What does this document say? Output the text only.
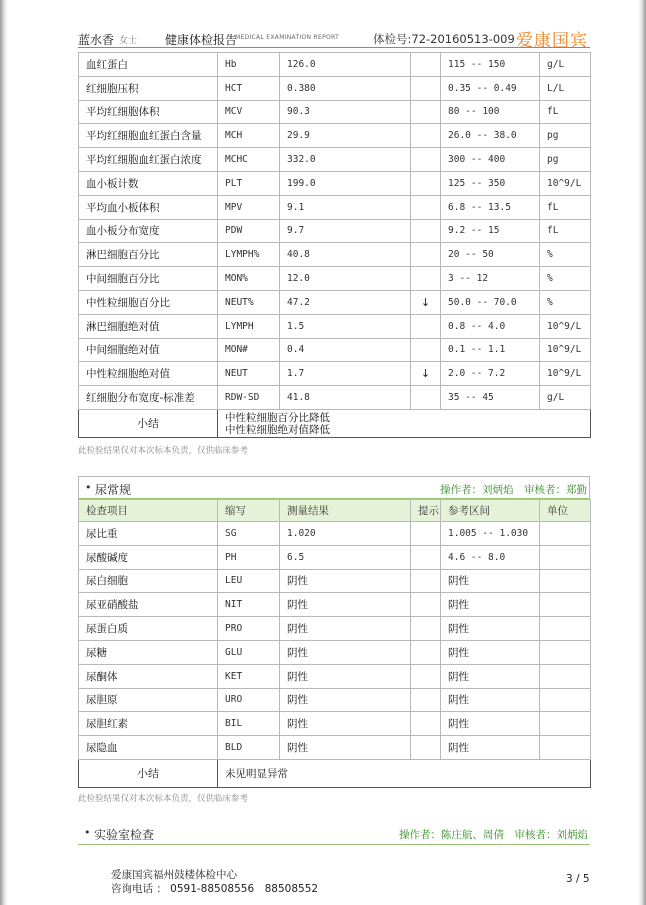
蓝水香 女士 健康体检报告
MEDICAL EXAMINATION REPORT	体检号:72-20160513-009 爱康国宾
血红蛋白	Hb	126.0		115 -- 150	g/L
红细胞压积	HCT	0.380		0.35 -- 0.49	L/L
平均红细胞体积	MCV	90.3		80 -- 100	fL
平均红细胞血红蛋白含量	MCH	29.9		26.0 -- 38.0	pg
平均红细胞血红蛋白浓度	MCHC	332.0		300 -- 400	pg
血小板计数	PLT	199.0		125 -- 350	10^9/L
平均血小板体积	MPV	9.1		6.8 -- 13.5	fL
血小板分布宽度	PDW	9.7		9.2 -- 15	fL
淋巴细胞百分比	LYMPH%	40.8		20 -- 50	%
中间细胞百分比	MON%	12.0		3 -- 12	%
中性粒细胞百分比	NEUT%	47.2	↓	50.0 -- 70.0	%
淋巴细胞绝对值	LYMPH	1.5		0.8 -- 4.0	10^9/L
中间细胞绝对值	MON#	0.4		0.1 -- 1.1	10^9/L
中性粒细胞绝对值	NEUT	1.7	↓	2.0 -- 7.2	10^9/L
红细胞分布宽度-标准差	RDW-SD	41.8		35 -- 45	g/L
小结	中性粒细胞百分比降低
中性粒细胞绝对值降低				
此检验结果仅对本次标本负责，仅供临床参考
• 尿常规	操作者：刘炳焰　审核者：郑勤
检查项目	缩写	测量结果	提示	参考区间	单位
尿比重	SG	1.020		1.005 -- 1.030	
尿酸碱度	PH	6.5		4.6 -- 8.0	
尿白细胞	LEU	阴性		阴性	
尿亚硝酸盐	NIT	阴性		阴性	
尿蛋白质	PRO	阴性		阴性	
尿糖	GLU	阴性		阴性	
尿酮体	KET	阴性		阴性	
尿胆原	URO	阴性		阴性	
尿胆红素	BIL	阴性		阴性	
尿隐血	BLD	阴性		阴性	
小结	未见明显异常				
此检验结果仅对本次标本负责，仅供临床参考
• 实验室检查	操作者：陈庄航、周倩　审核者：刘炳焰
爱康国宾福州鼓楼体检中心
咨询电话 ： 0591-88508556　88508552
3 / 5
